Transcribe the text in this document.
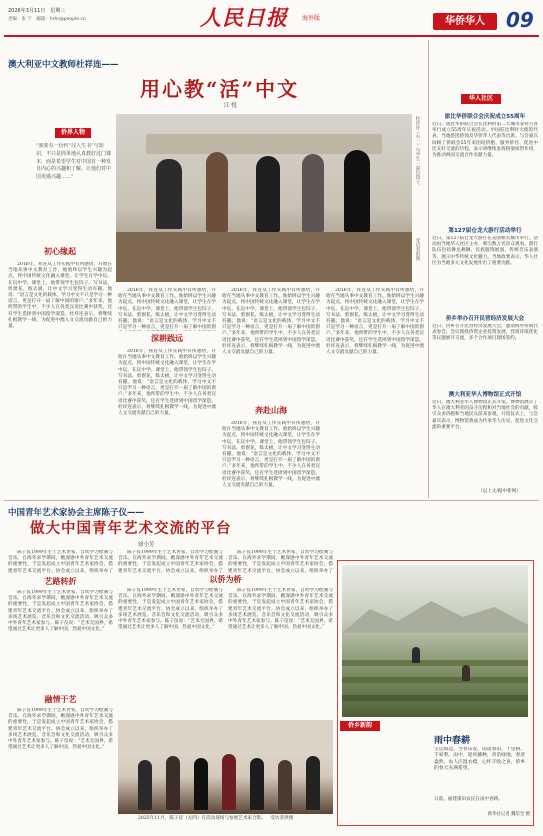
2026年3月11日　星期三
责编：张 宁　 邮箱：hrhr@people.cn	人民日报 海外版	华侨华人	09
澳大利亚中文教师杜祥连——
用心教“活”中文
江 悦
侨界人物
“我要有一份传“汉人生书”与知识，不只是简单地认真教好这门课本，而是希望学生对中国有一种发自内心的兴趣和了解，让他们对中国更感兴趣……”	杜祥连（右一）与学生一起包饺子。
受访者供图
初心缘起
深耕践远
奔赴山海

2016年，祥连从工作实践中有所感悟，开始在当地从事中文教育工作。他始终以学生兴趣为起点，将中国传统文化融入课堂，让学生在学中玩、在玩中学。课堂上，他带领学生包饺子、写书法、剪窗花、练太极，让中文学习变得生动有趣。他说：“语言是文化的载体，学习中文不只是学习一种语言，更是打开一扇了解中国的窗户。”多年来，他所带的学生中，不少人在各类汉语比赛中获奖，还有学生选择到中国留学深造。杜祥连表示，将继续扎根教学一线，为促进中澳人文交流贡献自己的力量。

2016年，祥连从工作实践中有所感悟，开始在当地从事中文教育工作。他始终以学生兴趣为起点，将中国传统文化融入课堂，让学生在学中玩、在玩中学。课堂上，他带领学生包饺子、写书法、剪窗花、练太极，让中文学习变得生动有趣。他说：“语言是文化的载体，学习中文不只是学习一种语言，更是打开一扇了解中国的窗

2016年，祥连从工作实践中有所感悟，开始在当地从事中文教育工作。他始终以学生兴趣为起点，将中国传统文化融入课堂，让学生在学中玩、在玩中学。课堂上，他带领学生包饺子、写书法、剪窗花、练太极，让中文学习变得生动有趣。他说：“语言是文化的载体，学习中文不只是学习一种语言，更是打开一扇了解中国的窗户。”多年来，他所带的学生中，不少人在各类汉语比赛中获奖，还有学生选择到中国留学深造。杜祥连表示，将继续扎根教学一线，为促进中澳人文交流贡献自己的力量。

2016年，祥连从工作实践中有所感悟，开始在当地从事中文教育工作。他始终以学生兴趣为起点，将中国传统文化融入课堂，让学生在学中玩、在玩中学。课堂上，他带领学生包饺子、写书法、剪窗花、练太极，让中文学习变得生动有趣。他说：“语言是文化的载体，学习中文不只是学习一种语言，更是打开一扇了解中国的窗户。”多年来，他所带的学生中，不少人在各类汉语比赛中获奖，还有学生选择到中国留学深造。杜祥连表示，将继续扎根教学一线，为促进中澳人文交流贡献自己的力量。

2016年，祥连从工作实践中有所感悟，开始在当地从事中文教育工作。他始终以学生兴趣为起点，将中国传统文化融入课堂，让学生在学中玩、在玩中学。课堂上，他带领学生包饺子、写书法、剪窗花、练太极，让中文学习变得生动有趣。他说：“语言是文化的载体，学习中文不只是学习一种语言，更是打开一扇了解中国的窗户。”多年来，他所带的学生中，不少人在各类汉语比赛中获奖，还有学生选择到中国留学深造。杜祥连表示，将继续扎根教学一线，为促进中澳人文交流贡献自己的力量。

2016年，祥连从工作实践中有所感悟，开始在当地从事中文教育工作。他始终以学生兴趣为起点，将中国传统文化融入课堂，让学生在学中玩、在玩中学。课堂上，他带领学生包饺子、写书法、剪窗花、练太极，让中文学习变得生动有趣。他说：“语言是文化的载体，学习中文不只是学习一种语言，更是打开一扇了解中国的窗户。”多年来，他所带的学生中，不少人在各类汉语比赛中获奖，还有学生选择到中国留学深造。杜祥连表示，将继续扎根教学一线，为促进中澳人文交流贡献自己的力量。

华人社区
旅比华侨联合会庆祝成立55周年
近日，旅比华侨联合会在比利时第二大城市安特卫普举行成立55周年庆祝活动。中国驻比利时大使馆代表、当地侨团侨领及华侨华人代表等出席。与会嘉宾回顾了侨联会55年来团结侨胞、服务侨社、促进中比友好交流的历程，表示将继续发挥桥梁纽带作用，为推动两国交流合作贡献力量。
第127届仓龙大游行活动举行
近日，第127届仓龙大游行在美国相关城市举行。活动由当地华人社区主办，吸引数万名民众观看。游行队伍包括舞龙舞狮、民族服饰展演、传统音乐表演等，展示中华传统文化魅力。当地政要表示，华人社区为当地多元文化发展作出了重要贡献。
侨乡举办召开民营经济发展大会
近日，侨乡召开民营经济发展大会，邀请海外侨商代表参会。会议围绕侨资企业投资发展、营商环境优化等议题展开交流，多个合作项目现场签约。
澳大利亚华人博物馆正式开馆
近日，澳大利亚华人博物馆正式开馆。博物馆展示了华人在澳大利亚的奋斗历程和对当地社会的贡献，吸引众多侨胞和当地民众前来参观。开馆仪式上，与会嘉宾表示，博物馆将成为传承华人历史、促进文化交流的重要平台。
（以上文/据中新网）
中国青年艺术家协会主席陈子仪——
做大中国青年艺术交流的平台
徐小芳

陈子仪1999年生于艺术世家，自幼学习绘画与音乐。在海外求学期间，她深感中外青年艺术交流的重要性，于是发起成立中国青年艺术家协会，搭建青年艺术交流平台。协会成立以来，组织举办了

艺路转折

陈子仪1999年生于艺术世家，自幼学习绘画与音乐。在海外求学期间，她深感中外青年艺术交流的重要性，于是发起成立中国青年艺术家协会，搭建青年艺术交流平台。协会成立以来，组织举办了多场艺术展览、音乐会和文化交流活动，吸引众多中外青年艺术家参与。陈子仪说：“艺术无国界，希望通过艺术让更多人了解中国、热爱中国文化。”

融情于艺

陈子仪1999年生于艺术世家，自幼学习绘画与音乐。在海外求学期间，她深感中外青年艺术交流的重要性，于是发起成立中国青年艺术家协会，搭建青年艺术交流平台。协会成立以来，组织举办了多场艺术展览、音乐会和文化交流活动，吸引众多中外青年艺术家参与。陈子仪说：“艺术无国界，希望通过艺术让更多人了解中国、热爱中国文化。”

陈子仪1999年生于艺术世家，自幼学习绘画与音乐。在海外求学期间，她深感中外青年艺术交流的重要性，于是发起成立中国青年艺术家协会，搭建青年艺术交流平台。协会成立以来，组织举办了

以侨为桥

陈子仪1999年生于艺术世家，自幼学习绘画与音乐。在海外求学期间，她深感中外青年艺术交流的重要性，于是发起成立中国青年艺术家协会，搭建青年艺术交流平台。协会成立以来，组织举办了多场艺术展览、音乐会和文化交流活动，吸引众多中外青年艺术家参与。陈子仪说：“艺术无国界，希望通过艺术让更多人了解中国、热爱中国文化。”

陈子仪1999年生于艺术世家，自幼学习绘画与音乐。在海外求学期间，她深感中外青年艺术交流的重要性，于是发起成立中国青年艺术家协会，搭建青年艺术交流平台。协会成立以来，组织举办了

陈子仪1999年生于艺术世家，自幼学习绘画与音乐。在海外求学期间，她深感中外青年艺术交流的重要性，于是发起成立中国青年艺术家协会，搭建青年艺术交流平台。协会成立以来，组织举办了多场艺术展览、音乐会和文化交流活动，吸引众多中外青年艺术家参与。陈子仪说：“艺术无国界，希望通过艺术让更多人了解中国、热爱中国文化。”

2025年11月，陈子仪（左四）在活动现场与参展艺术家合影。 受访者供图
侨乡新韵
雨中春耕
宝运海边，当春乐发。雨落春田，十里耕，千家犁。雨中，迎风播种，青苗绿地，春意盎然，农人汗湿衣襟，心怀丰收之喜，侨乡的春天充满希望。
日前，福建莆田农民在雨中春耕。
新华社记者 魏培全 摄
